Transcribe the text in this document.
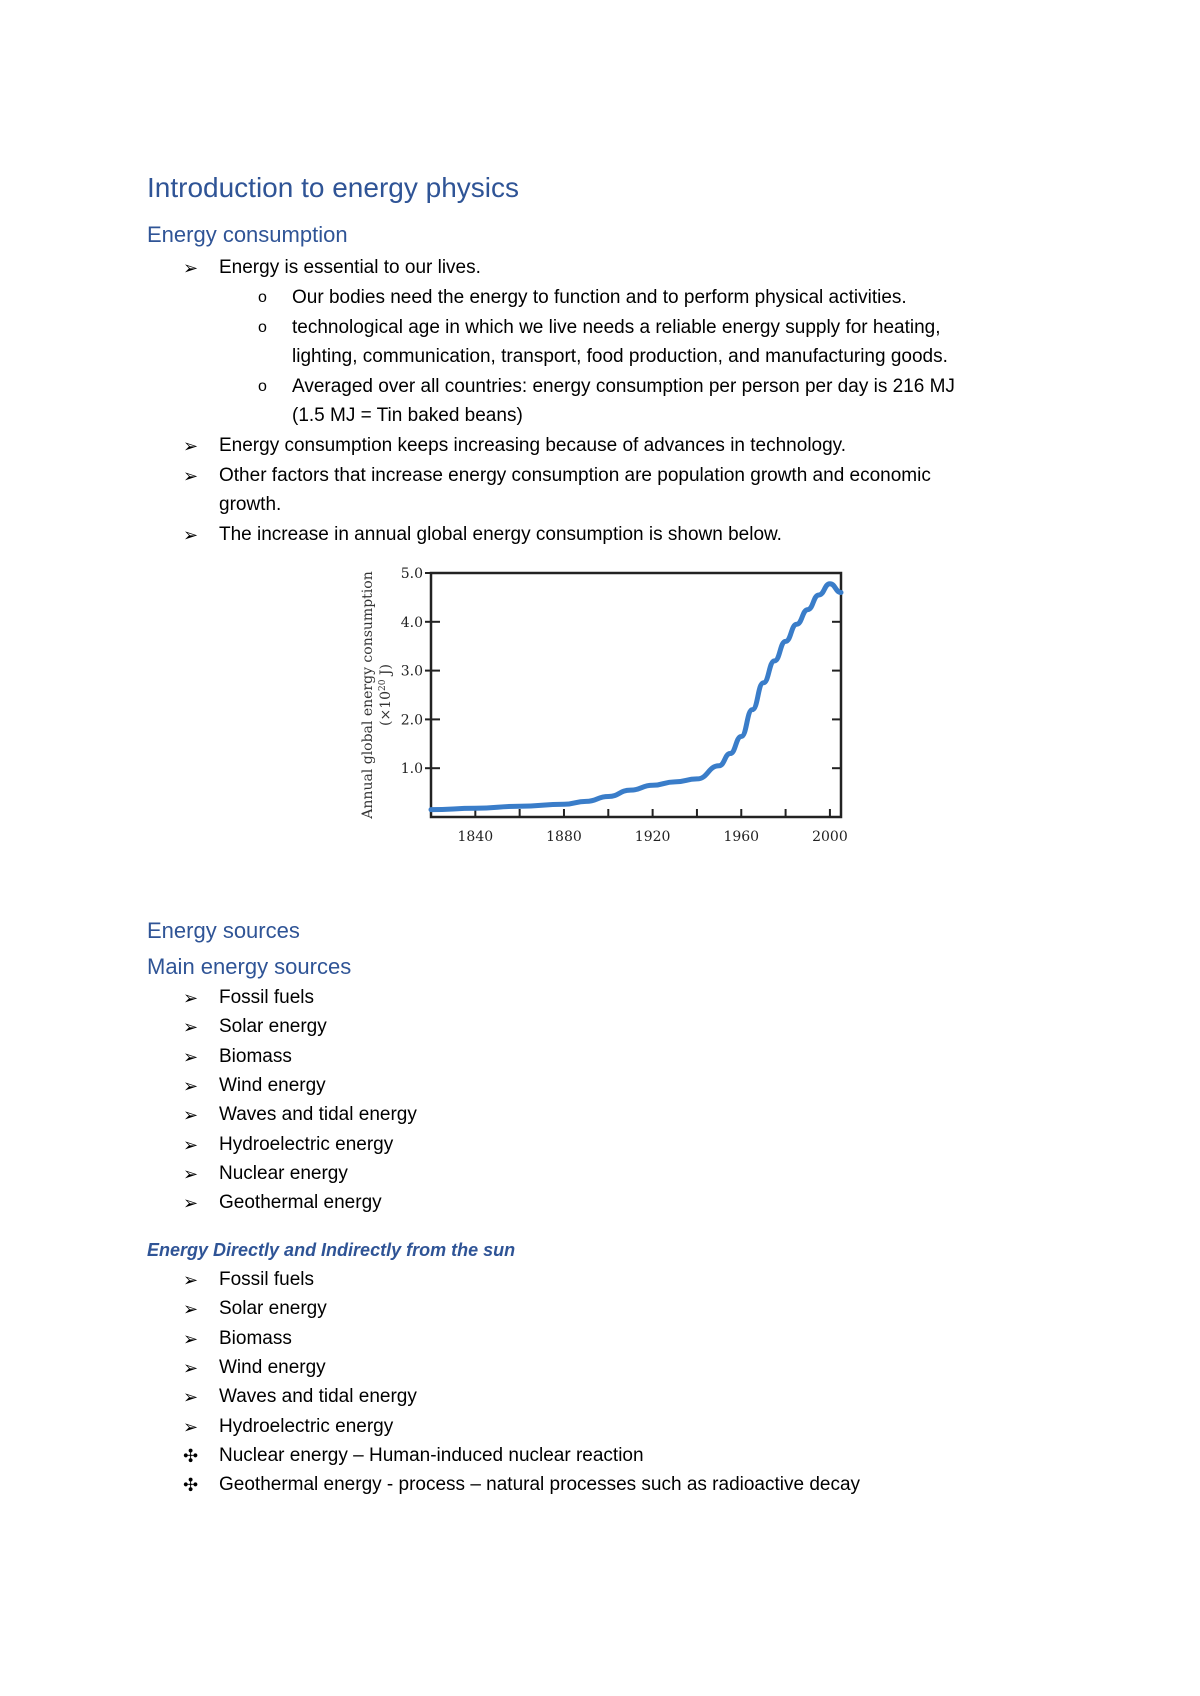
Introduction to energy physics
Energy consumption
➢ Energy is essential to our lives.
o Our bodies need the energy to function and to perform physical activities.
o technological age in which we live needs a reliable energy supply for heating,
lighting, communication, transport, food production, and manufacturing goods.
o Averaged over all countries: energy consumption per person per day is 216 MJ
(1.5 MJ = Tin baked beans)
➢ Energy consumption keeps increasing because of advances in technology.
➢ Other factors that increase energy consumption are population growth and economic
growth.
➢ The increase in annual global energy consumption is shown below.
Annual global energy consumption ($\times 10^{20}$ J)
1.0
2.0
3.0
4.0
5.0
1840	1880	1920	1960	2000
Energy sources
Main energy sources
➢ Fossil fuels
➢ Solar energy
➢ Biomass
➢ Wind energy
➢ Waves and tidal energy
➢ Hydroelectric energy
➢ Nuclear energy
➢ Geothermal energy
Energy Directly and Indirectly from the sun
➢ Fossil fuels
➢ Solar energy
➢ Biomass
➢ Wind energy
➢ Waves and tidal energy
➢ Hydroelectric energy
✣ Nuclear energy – Human-induced nuclear reaction
✣ Geothermal energy - process – natural processes such as radioactive decay
